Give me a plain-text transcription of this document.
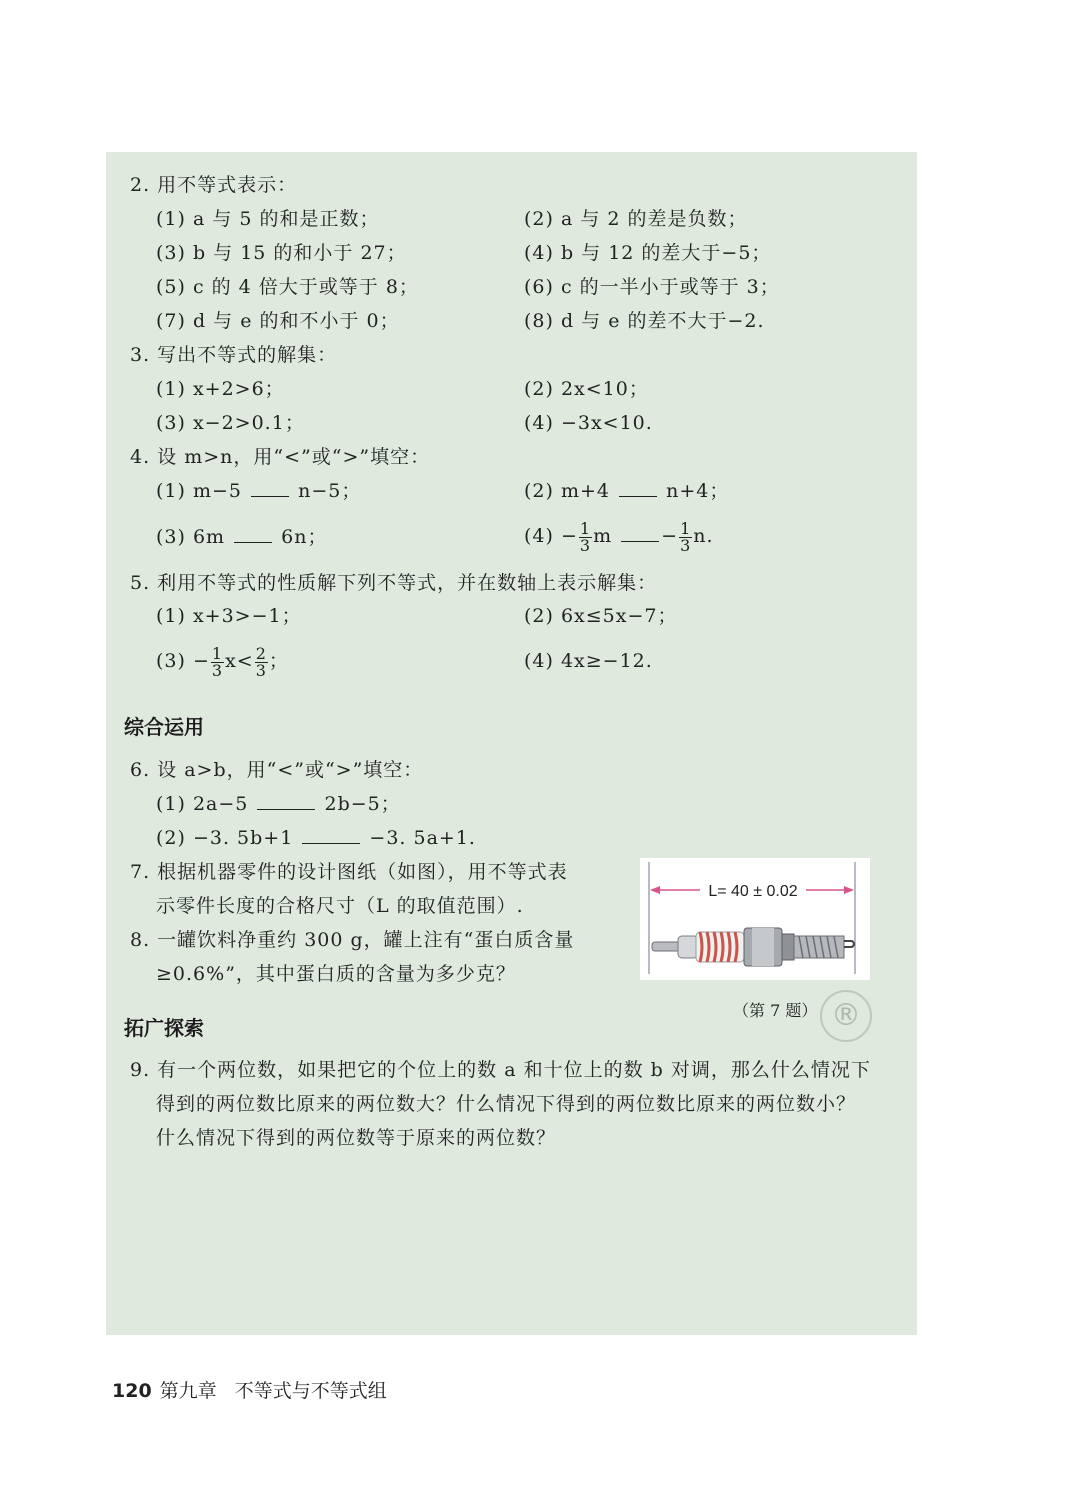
2. 用不等式表示：
(1) a 与 5 的和是正数；	(2) a 与 2 的差是负数；
(3) b 与 15 的和小于 27；	(4) b 与 12 的差大于−5；
(5) c 的 4 倍大于或等于 8；	(6) c 的一半小于或等于 3；
(7) d 与 e 的和不小于 0；	(8) d 与 e 的差不大于−2.
3. 写出不等式的解集：
(1) x+2>6；	(2) 2x<10；
(3) x−2>0.1；	(4) −3x<10.
4. 设 m>n，用“<”或“>”填空：
(1) m−5	n−5；	(2) m+4	n+4；
(3) 6m	6n；	$(4) - \frac{1}{3}$ m	− $\frac{1}{3} n$.
5. 利用不等式的性质解下列不等式，并在数轴上表示解集：
(1) x+3>−1；	(2) 6x≤5x−7；
$(3) - \frac{1}{3} x< \frac{2}{3}$ ；	(4) 4x≥−12.
综合运用
6. 设 a>b，用“<”或“>”填空：
(1) 2a−5	2b−5；
(2) −3. 5b+1	−3. 5a+1.
7. 根据机器零件的设计图纸（如图），用不等式表
示零件长度的合格尺寸（L 的取值范围）.
8. 一罐饮料净重约 300 g，罐上注有“蛋白质含量
≥0.6%”，其中蛋白质的含量为多少克？
L= 40 ± 0.02
（第 7 题） ®
拓广探索
9. 有一个两位数，如果把它的个位上的数 a 和十位上的数 b 对调，那么什么情况下
得到的两位数比原来的两位数大？什么情况下得到的两位数比原来的两位数小？
什么情况下得到的两位数等于原来的两位数？
120 第九章 不等式与不等式组
